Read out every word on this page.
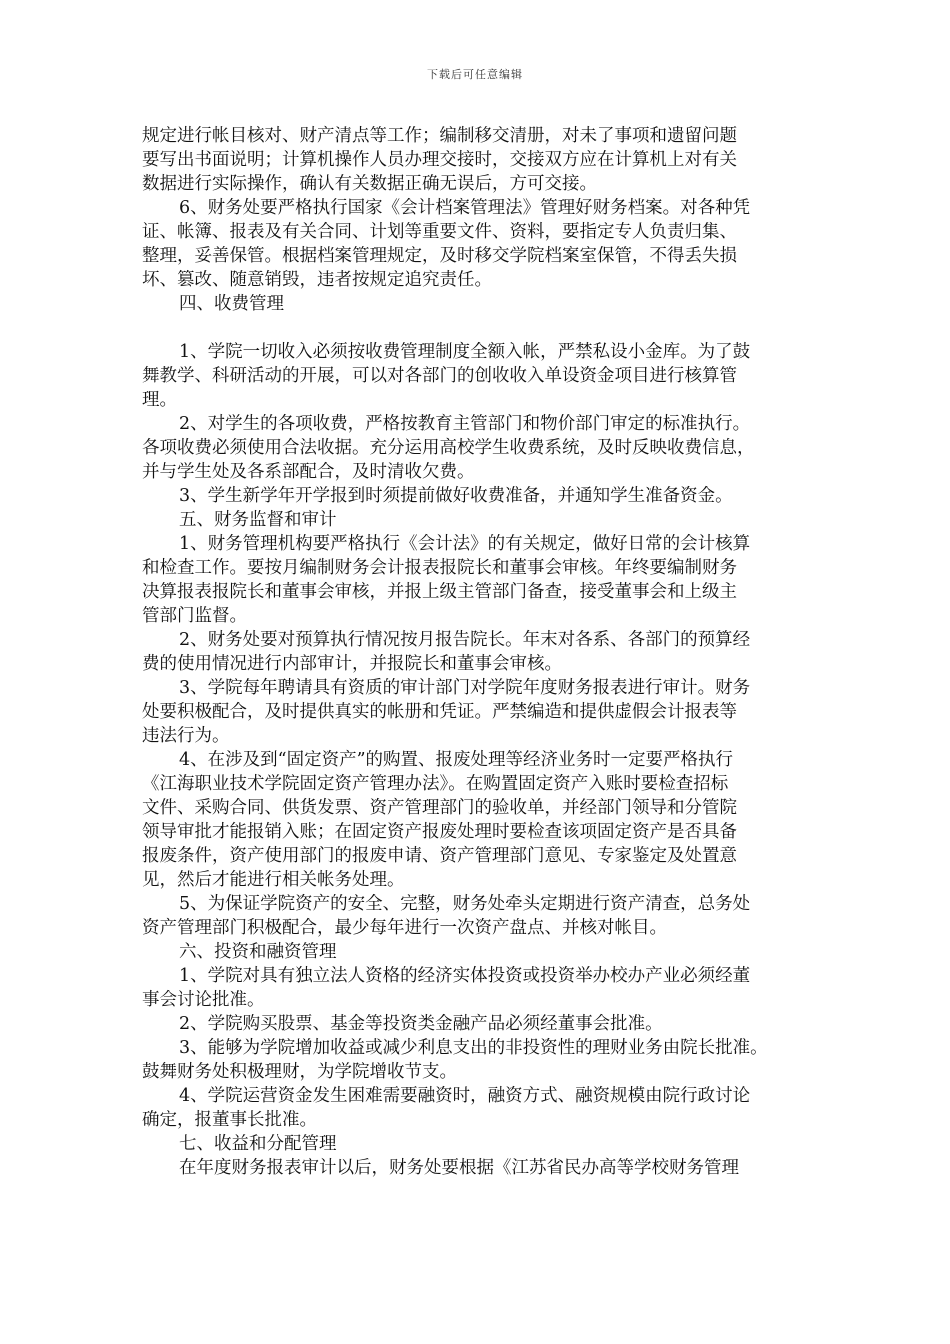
下载后可任意编辑
规定进行帐目核对、财产清点等工作；编制移交清册，对未了事项和遗留问题
要写出书面说明；计算机操作人员办理交接时，交接双方应在计算机上对有关
数据进行实际操作，确认有关数据正确无误后，方可交接。
6、财务处要严格执行国家《会计档案管理法》管理好财务档案。对各种凭
证、帐簿、报表及有关合同、计划等重要文件、资料，要指定专人负责归集、
整理，妥善保管。根据档案管理规定，及时移交学院档案室保管，不得丢失损
坏、篡改、随意销毁，违者按规定追究责任。
四、收费管理
1、学院一切收入必须按收费管理制度全额入帐，严禁私设小金库。为了鼓
舞教学、科研活动的开展，可以对各部门的创收收入单设资金项目进行核算管
理。
2、对学生的各项收费，严格按教育主管部门和物价部门审定的标准执行。
各项收费必须使用合法收据。充分运用高校学生收费系统，及时反映收费信息，
并与学生处及各系部配合，及时清收欠费。
3、学生新学年开学报到时须提前做好收费准备，并通知学生准备资金。
五、财务监督和审计
1、财务管理机构要严格执行《会计法》的有关规定，做好日常的会计核算
和检查工作。要按月编制财务会计报表报院长和董事会审核。年终要编制财务
决算报表报院长和董事会审核，并报上级主管部门备查，接受董事会和上级主
管部门监督。
2、财务处要对预算执行情况按月报告院长。年末对各系、各部门的预算经
费的使用情况进行内部审计，并报院长和董事会审核。
3、学院每年聘请具有资质的审计部门对学院年度财务报表进行审计。财务
处要积极配合，及时提供真实的帐册和凭证。严禁编造和提供虚假会计报表等
违法行为。
4、在涉及到“固定资产”的购置、报废处理等经济业务时一定要严格执行
《江海职业技术学院固定资产管理办法》。在购置固定资产入账时要检查招标
文件、采购合同、供货发票、资产管理部门的验收单，并经部门领导和分管院
领导审批才能报销入账；在固定资产报废处理时要检查该项固定资产是否具备
报废条件，资产使用部门的报废申请、资产管理部门意见、专家鉴定及处置意
见，然后才能进行相关帐务处理。
5、为保证学院资产的安全、完整，财务处牵头定期进行资产清查，总务处
资产管理部门积极配合，最少每年进行一次资产盘点、并核对帐目。
六、投资和融资管理
1、学院对具有独立法人资格的经济实体投资或投资举办校办产业必须经董
事会讨论批准。
2、学院购买股票、基金等投资类金融产品必须经董事会批准。
3、能够为学院增加收益或减少利息支出的非投资性的理财业务由院长批准。
鼓舞财务处积极理财，为学院增收节支。
4、学院运营资金发生困难需要融资时，融资方式、融资规模由院行政讨论
确定，报董事长批准。
七、收益和分配管理
在年度财务报表审计以后，财务处要根据《江苏省民办高等学校财务管理
